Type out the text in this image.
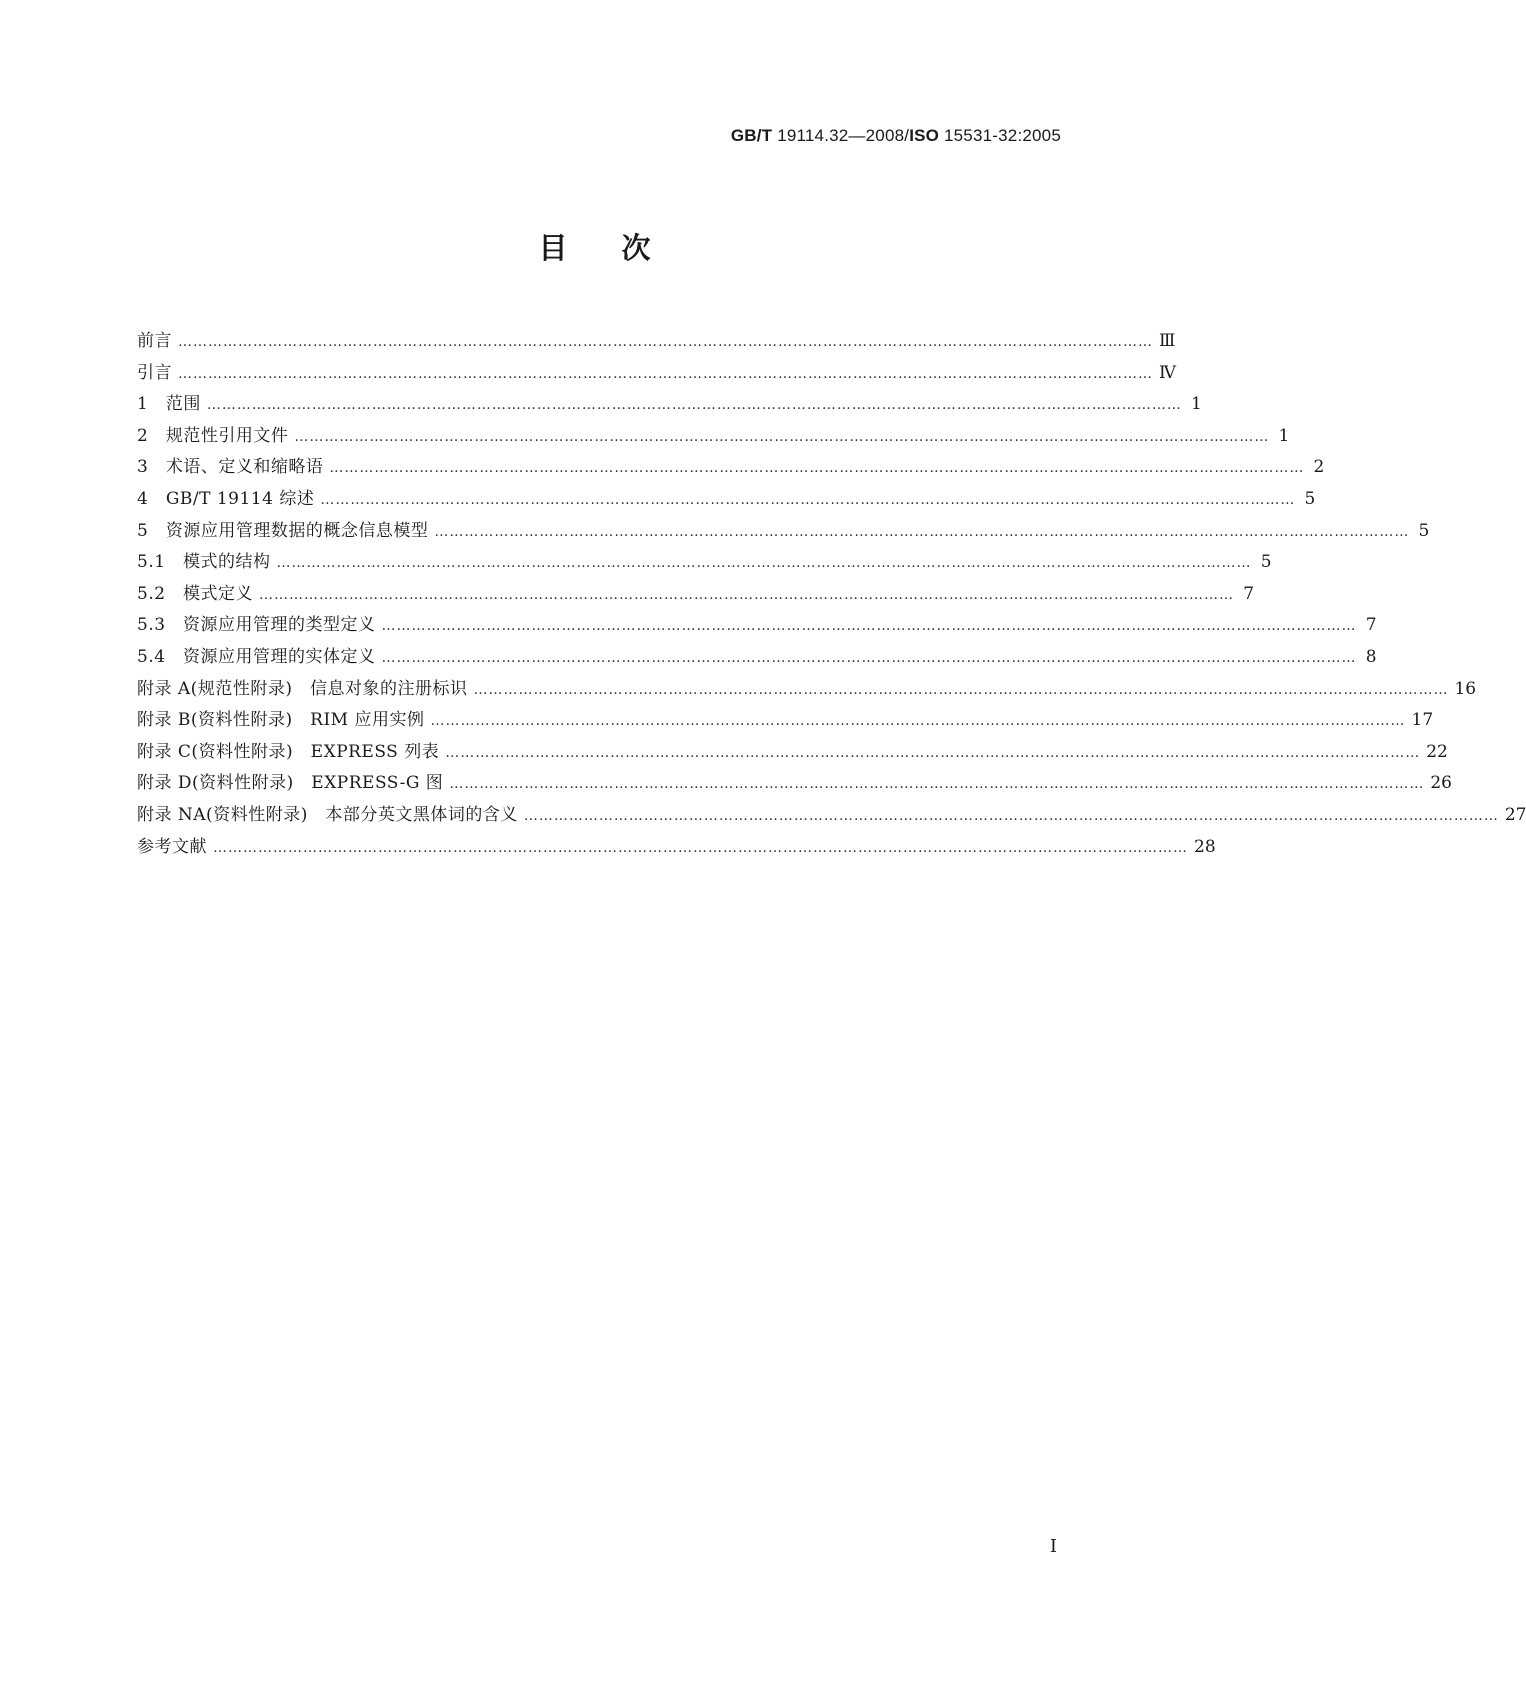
GB/T 19114.32—2008/ISO 15531-32:2005
目 次
前言 …………………………………………………………………………………………………………………………………………………………………………… Ⅲ
引言 …………………………………………………………………………………………………………………………………………………………………………… Ⅳ
1　范围 …………………………………………………………………………………………………………………………………………………………………………… 1
2　规范性引用文件 …………………………………………………………………………………………………………………………………………………………………………… 1
3　术语、定义和缩略语 …………………………………………………………………………………………………………………………………………………………………………… 2
4　GB/T 19114 综述 …………………………………………………………………………………………………………………………………………………………………………… 5
5　资源应用管理数据的概念信息模型 …………………………………………………………………………………………………………………………………………………………………………… 5
5.1　模式的结构 …………………………………………………………………………………………………………………………………………………………………………… 5
5.2　模式定义 …………………………………………………………………………………………………………………………………………………………………………… 7
5.3　资源应用管理的类型定义 …………………………………………………………………………………………………………………………………………………………………………… 7
5.4　资源应用管理的实体定义 …………………………………………………………………………………………………………………………………………………………………………… 8
附录 A(规范性附录)　信息对象的注册标识 …………………………………………………………………………………………………………………………………………………………………………… 16
附录 B(资料性附录)　RIM 应用实例 …………………………………………………………………………………………………………………………………………………………………………… 17
附录 C(资料性附录)　EXPRESS 列表 …………………………………………………………………………………………………………………………………………………………………………… 22
附录 D(资料性附录)　EXPRESS-G 图 …………………………………………………………………………………………………………………………………………………………………………… 26
附录 NA(资料性附录)　本部分英文黑体词的含义 …………………………………………………………………………………………………………………………………………………………………………… 27
参考文献 …………………………………………………………………………………………………………………………………………………………………………… 28
I
